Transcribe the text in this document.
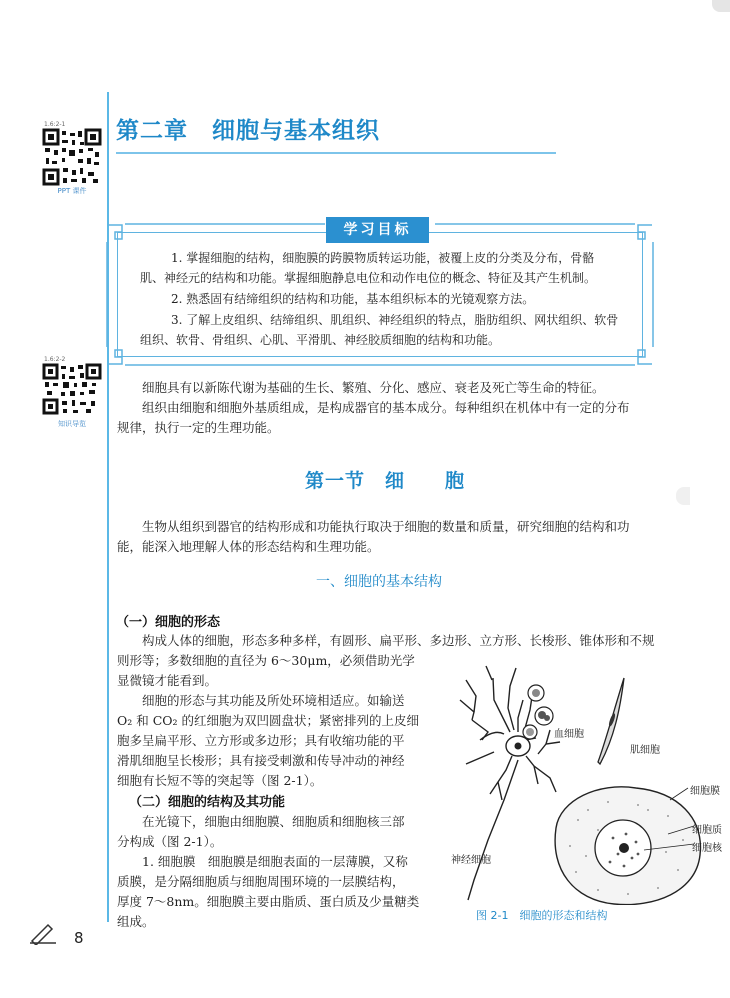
1.6:2-1
PPT 课件
1.6:2-2
知识导览
第二章　细胞与基本组织
学习目标
1. 掌握细胞的结构，细胞膜的跨膜物质转运功能，被覆上皮的分类及分布，骨骼
肌、神经元的结构和功能。掌握细胞静息电位和动作电位的概念、特征及其产生机制。
2. 熟悉固有结缔组织的结构和功能，基本组织标本的光镜观察方法。
3. 了解上皮组织、结缔组织、肌组织、神经组织的特点，脂肪组织、网状组织、软骨
组织、软骨、骨组织、心肌、平滑肌、神经胶质细胞的结构和功能。
细胞具有以新陈代谢为基础的生长、繁殖、分化、感应、衰老及死亡等生命的特征。
组织由细胞和细胞外基质组成，是构成器官的基本成分。每种组织在机体中有一定的分布
规律，执行一定的生理功能。
第一节　细　　胞
生物从组织到器官的结构形成和功能执行取决于细胞的数量和质量，研究细胞的结构和功
能，能深入地理解人体的形态结构和生理功能。
一、细胞的基本结构
（一）细胞的形态
构成人体的细胞，形态多种多样，有圆形、扁平形、多边形、立方形、长梭形、锥体形和不规
则形等；多数细胞的直径为 6～30μm，必须借助光学
显微镜才能看到。
细胞的形态与其功能及所处环境相适应。如输送
O₂ 和 CO₂ 的红细胞为双凹圆盘状；紧密排列的上皮细
胞多呈扁平形、立方形或多边形；具有收缩功能的平
滑肌细胞呈长梭形；具有接受刺激和传导冲动的神经
细胞有长短不等的突起等（图 2-1）。
（二）细胞的结构及其功能
在光镜下，细胞由细胞膜、细胞质和细胞核三部
分构成（图 2-1）。
1. 细胞膜　细胞膜是细胞表面的一层薄膜，又称
质膜，是分隔细胞质与细胞周围环境的一层膜结构，
厚度 7～8nm。细胞膜主要由脂质、蛋白质及少量糖类
组成。
血细胞
肌细胞
神经细胞
细胞膜
细胞质
细胞核
图 2-1　细胞的形态和结构
8
